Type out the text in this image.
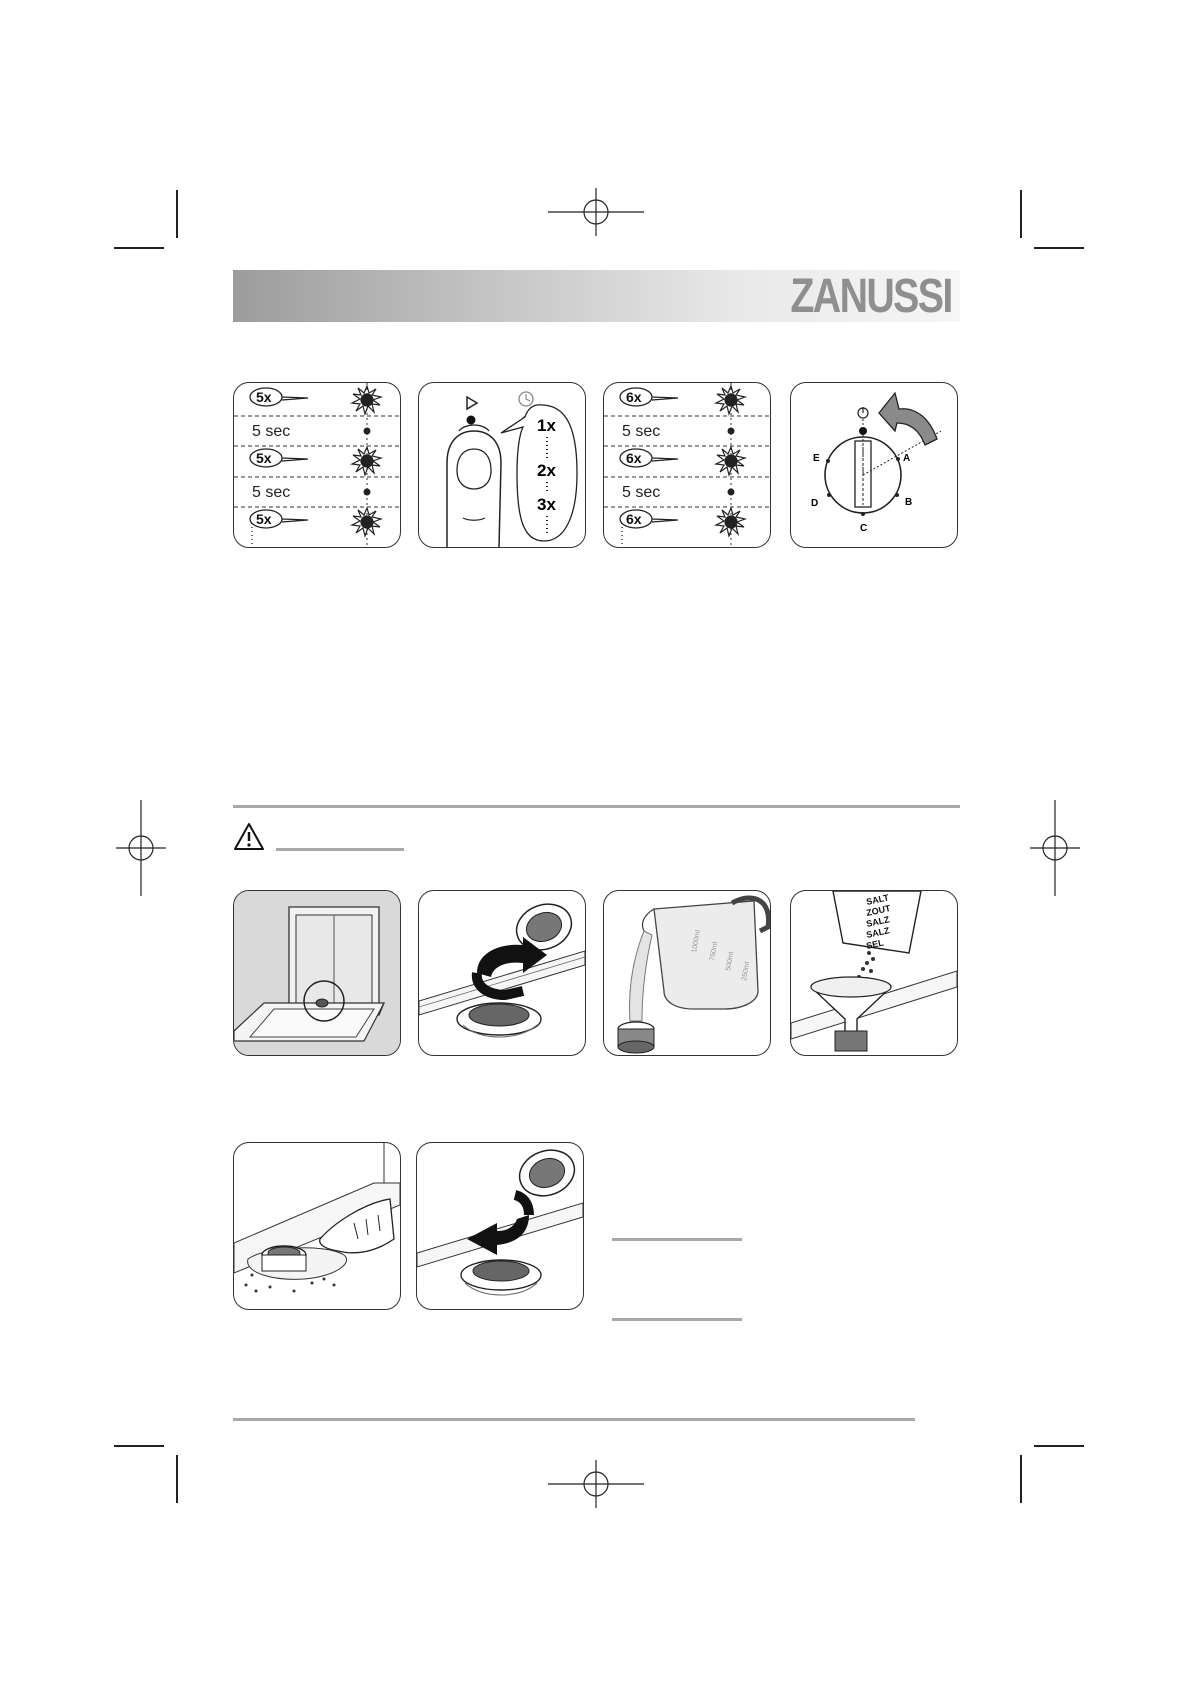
ZANUSSI
5x
5 sec
5x
5 sec
5x
1x
2x
3x
6x
5 sec
6x
5 sec
6x
E
D
C
B
A
1000ml 750ml 500ml 250ml
SALT
ZOUT
SALZ
SALZ
SEL
